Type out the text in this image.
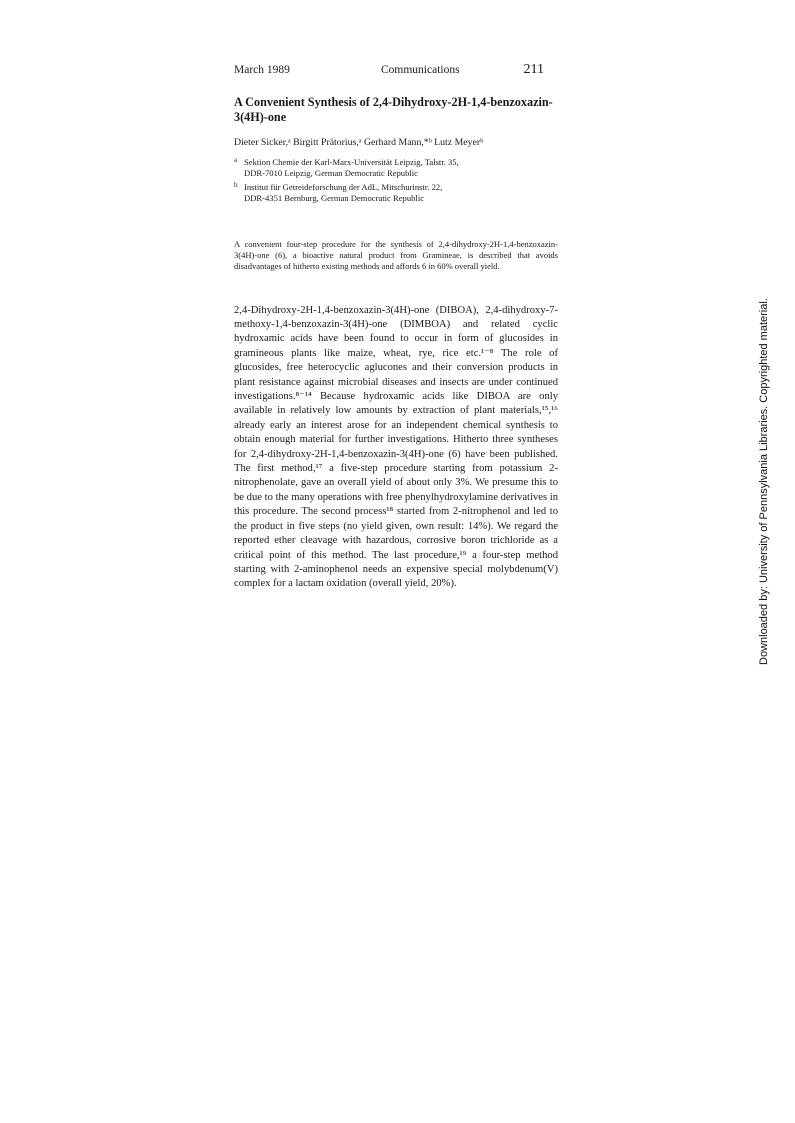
March 1989	Communications	211
A Convenient Synthesis of 2,4-Dihydroxy-2H-1,4-benzoxazin-3(4H)-one
Dieter Sicker,ᵃ Birgitt Prätorius,ᵃ Gerhard Mann,*ᵇ Lutz Meyerᵇ
a Sektion Chemie der Karl-Marx-Universität Leipzig, Talstr. 35,
DDR-7010 Leipzig, German Democratic Republic
b Institut für Getreideforschung der AdL, Mitschurinstr. 22,
DDR-4351 Bernburg, German Democratic Republic

A convenient four-step procedure for the synthesis of 2,4-dihydroxy-2H-1,4-benzoxazin-3(4H)-one (6), a bioactive natural product from Gramineae, is described that avoids disadvantages of hitherto existing methods and affords 6 in 60% overall yield.

2,4-Dihydroxy-2H-1,4-benzoxazin-3(4H)-one (DIBOA), 2,4-dihydroxy-7-methoxy-1,4-benzoxazin-3(4H)-one (DIMBOA) and related cyclic hydroxamic acids have been found to occur in form of glucosides in gramineous plants like maize, wheat, rye, rice etc.¹⁻⁸ The role of glucosides, free heterocyclic aglucones and their conversion products in plant resistance against microbial diseases and insects are under continued investigations.⁸⁻¹⁴ Because hydroxamic acids like DIBOA are only available in relatively low amounts by extraction of plant materials,¹⁵,¹⁶ already early an interest arose for an independent chemical synthesis to obtain enough material for further investigations. Hitherto three syntheses for 2,4-dihydroxy-2H-1,4-benzoxazin-3(4H)-one (6) have been published. The first method,¹⁷ a five-step procedure starting from potassium 2-nitrophenolate, gave an overall yield of about only 3%. We presume this to be due to the many operations with free phenylhydroxylamine derivatives in this procedure. The second process¹⁸ started from 2-nitrophenol and led to the product in five steps (no yield given, own result: 14%). We regard the reported ether cleavage with hazardous, corrosive boron trichloride as a critical point of this method. The last procedure,¹⁹ a four-step method starting with 2-aminophenol needs an expensive special molybdenum(V) complex for a lactam oxidation (overall yield, 20%).	Downloaded by: University of Pennsylvania Libraries. Copyrighted material.
